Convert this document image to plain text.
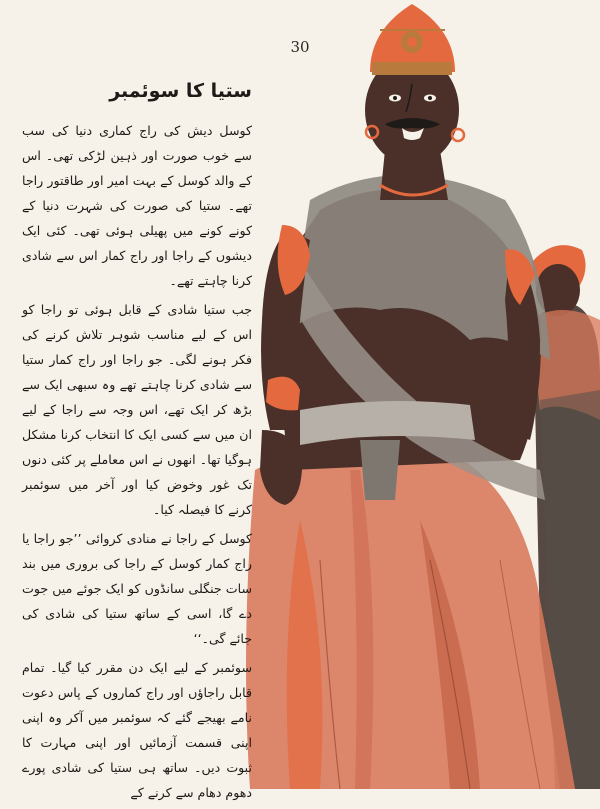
30
ستیا کا سوئمبر

کوسل دیش کی راج کماری دنیا کی سب سے خوب صورت اور ذہین لڑکی تھی۔ اس کے والد کوسل کے بہت امیر اور طاقتور راجا تھے۔ ستیا کی صورت کی شہرت دنیا کے کونے کونے میں پھیلی ہوئی تھی۔ کئی ایک دیشوں کے راجا اور راج کمار اس سے شادی کرنا چاہتے تھے۔

جب ستیا شادی کے قابل ہوئی تو راجا کو اس کے لیے مناسب شوہر تلاش کرنے کی فکر ہونے لگی۔ جو راجا اور راج کمار ستیا سے شادی کرنا چاہتے تھے وہ سبھی ایک سے بڑھ کر ایک تھے، اس وجہ سے راجا کے لیے ان میں سے کسی ایک کا انتخاب کرنا مشکل ہوگیا تھا۔ انھوں نے اس معاملے پر کئی دنوں تک غور وخوض کیا اور آخر میں سوئمبر کرنے کا فیصلہ کیا۔

کوسل کے راجا نے منادی کروائی ’’جو راجا یا راج کمار کوسل کے راجا کی بروری میں بند سات جنگلی سانڈوں کو ایک جوئے میں جوت دے گا، اسی کے ساتھ ستیا کی شادی کی جائے گی۔‘‘

سوئمبر کے لیے ایک دن مقرر کیا گیا۔ تمام قابل راجاؤں اور راج کماروں کے پاس دعوت نامے بھیجے گئے کہ سوئمبر میں آکر وہ اپنی اپنی قسمت آزمائیں اور اپنی مہارت کا ثبوت دیں۔ ساتھ ہی ستیا کی شادی پورے دھوم دھام سے کرنے کے
